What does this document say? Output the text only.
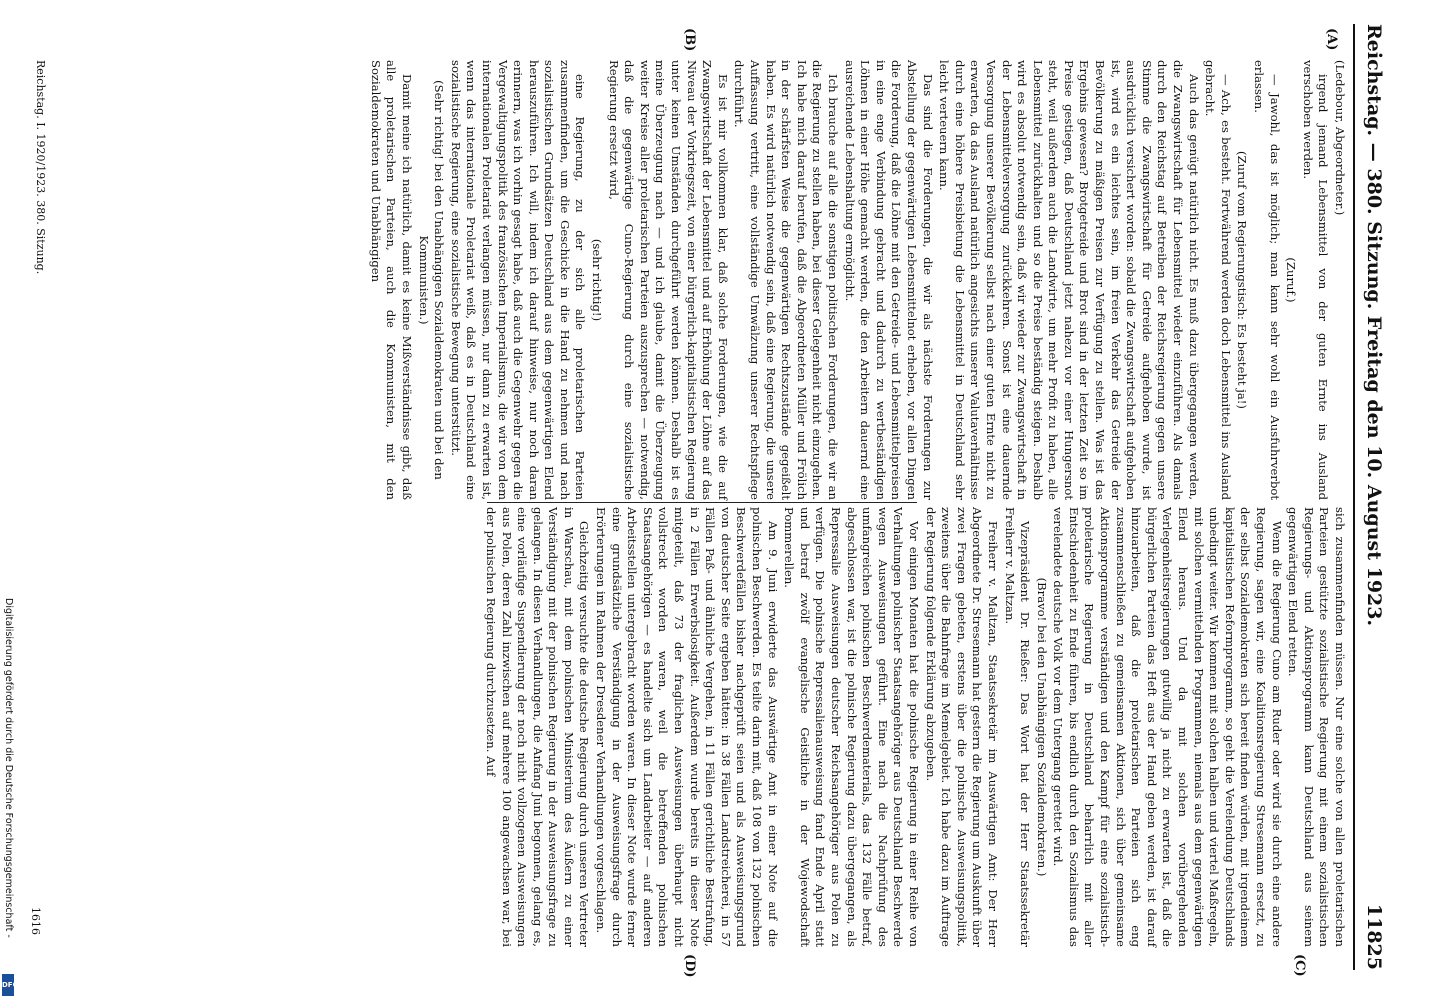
Reichstag. — 380. Sitzung. Freitag den 10. August 1923.
11825
(A)
(B)
(C)
(D)

(Ledebour, Abgeordneter.)

irgend jemand Lebensmittel von der guten Ernte ins Ausland verschoben werden.

(Zuruf.)

— Jawohl, das ist möglich; man kann sehr wohl ein Ausfuhrverbot erlassen.

(Zuruf vom Regierungstisch: Es besteht ja!)

— Ach, es besteht. Fortwährend werden doch Lebensmittel ins Ausland gebracht.

Auch das genügt natürlich nicht. Es muß dazu übergegangen werden, die Zwangswirtschaft für Lebensmittel wieder einzuführen. Als damals durch den Reichstag auf Betreiben der Reichsregierung gegen unsere Stimme die Zwangswirtschaft für Getreide aufgehoben wurde, ist ausdrücklich versichert worden: sobald die Zwangswirtschaft aufgehoben ist, wird es ein leichtes sein, im freien Verkehr das Getreide der Bevölkerung zu mäßigen Preisen zur Verfügung zu stellen. Was ist das Ergebnis gewesen? Brotgetreide und Brot sind in der letzten Zeit so im Preise gestiegen, daß Deutschland jetzt nahezu vor einer Hungersnot steht, weil außerdem auch die Landwirte, um mehr Profit zu haben, alle Lebensmittel zurückhalten und so die Preise beständig steigen. Deshalb wird es absolut notwendig sein, daß wir wieder zur Zwangswirtschaft in der Lebensmittelversorgung zurückkehren. Sonst ist eine dauernde Versorgung unserer Bevölkerung selbst nach einer guten Ernte nicht zu erwarten, da das Ausland natürlich angesichts unserer Valutaverhältnisse durch eine höhere Preisbietung die Lebensmittel in Deutschland sehr leicht verteuern kann.

Das sind die Forderungen, die wir als nächste Forderungen zur Abstellung der gegenwärtigen Lebensmittelnot erheben, vor allen Dingen die Forderung, daß die Löhne mit den Getreide- und Lebensmittelpreisen in eine enge Verbindung gebracht und dadurch zu wertbeständigen Löhnen in einer Höhe gemacht werden, die den Arbeitern dauernd eine ausreichende Lebenshaltung ermöglicht.

Ich brauche auf alle die sonstigen politischen Forderungen, die wir an die Regierung zu stellen haben, bei dieser Gelegenheit nicht einzugehen. Ich habe mich darauf berufen, daß die Abgeordneten Müller und Frölich in der schärfsten Weise die gegenwärtigen Rechtszustände gegeißelt haben. Es wird natürlich notwendig sein, daß eine Regierung, die unsere Auffassung vertritt, eine vollständige Umwälzung unserer Rechtspflege durchführt.

Es ist mir vollkommen klar, daß solche Forderungen, wie die auf Zwangswirtschaft der Lebensmittel und auf Erhöhung der Löhne auf das Niveau der Vorkriegszeit, von einer bürgerlich-kapitalistischen Regierung unter keinen Umständen durchgeführt werden können. Deshalb ist es meine Überzeugung nach — und ich glaube, damit die Überzeugung weiter Kreise aller proletarischen Parteien auszusprechen — notwendig, daß die gegenwärtige Cuno-Regierung durch eine sozialistische Regierung ersetzt wird,

(sehr richtig!)

eine Regierung, zu der sich alle proletarischen Parteien zusammenfinden, um die Geschicke in die Hand zu nehmen und nach sozialistischen Grundsätzen Deutschland aus dem gegenwärtigen Elend herauszuführen. Ich will, indem ich darauf hinweise, nur noch daran erinnern, was ich vorhin gesagt habe, daß auch die Gegenwehr gegen die Vergewaltigungspolitik des französischen Imperialismus, die wir von dem internationalen Proletariat verlangen müssen, nur dann zu erwarten ist, wenn das internationale Proletariat weiß, daß es in Deutschland eine sozialistische Regierung, eine sozialistische Bewegung unterstützt.

(Sehr richtig! bei den Unabhängigen Sozialdemokraten und bei den Kommunisten.)

Damit meine ich natürlich, damit es keine Mißverständnisse gibt, daß alle proletarischen Parteien, auch die Kommunisten, mit den Sozialdemokraten und Unabhängigen

sich zusammenfinden müssen. Nur eine solche von allen proletarischen Parteien gestützte sozialistische Regierung mit einem sozialistischen Regierungs- und Aktionsprogramm kann Deutschland aus seinem gegenwärtigen Elend retten.

Wenn die Regierung Cuno am Ruder oder wird sie durch eine andere Regierung, sagen wir, eine Koalitionsregierung Stresemann ersetzt, zu der selbst Sozialdemokraten sich bereit finden würden, mit irgendeinem kapitalistischen Reformprogramm, so geht die Verelendung Deutschlands unbedingt weiter. Wir kommen mit solchen halben und viertel Maßregeln, mit solchen vermittelnden Programmen, niemals aus dem gegenwärtigen Elend heraus. Und da mit solchen vorübergehenden Verlegenheitsregierungen gutwillig ja nicht zu erwarten ist, daß die bürgerlichen Parteien das Heft aus der Hand geben werden, ist darauf hinzuarbeiten, daß die proletarischen Parteien sich eng zusammenschließen zu gemeinsamen Aktionen, sich über gemeinsame Aktionsprogramme verständigen und den Kampf für eine sozialistisch-proletarische Regierung in Deutschland beharrlich mit aller Entschiedenheit zu Ende führen, bis endlich durch den Sozialismus das verelendete deutsche Volk vor dem Untergang gerettet wird.

(Bravo! bei den Unabhängigen Sozialdemokraten.)

Vizepräsident Dr. Rießer: Das Wort hat der Herr Staatssekretär Freiherr v. Maltzan.

Freiherr v. Maltzan, Staatssekretär im Auswärtigen Amt: Der Herr Abgeordnete Dr. Stresemann hat gestern die Regierung um Auskunft über zwei Fragen gebeten, erstens über die polnische Ausweisungspolitik, zweitens über die Bahnfrage im Memelgebiet. Ich habe dazu im Auftrage der Regierung folgende Erklärung abzugeben.

Vor einigen Monaten hat die polnische Regierung in einer Reihe von Verhaltungen polnischer Staatsangehöriger aus Deutschland Beschwerde wegen Ausweisungen geführt. Eine nach die Nachprüfung des umfangreichen polnischen Beschwerdematerials, das 132 Fälle betraf, abgeschlossen war, ist die polnische Regierung dazu übergegangen, als Repressalie Ausweisungen deutscher Reichsangehöriger aus Polen zu verfügen. Die polnische Repressalienausweisung fand Ende April statt und betraf zwölf evangelische Geistliche in der Wojewodschaft Pommerellen.

Am 9. Juni erwiderte das Auswärtige Amt in einer Note auf die polnischen Beschwerden. Es teilte darin mit, daß 108 von 132 polnischen Beschwerdefällen bisher nachgeprüft seien und als Ausweisungsgrund von deutscher Seite ergeben hätten: in 38 Fällen Landstreicherei, in 57 Fällen Paß- und ähnliche Vergehen, in 11 Fällen gerichtliche Bestrafung, in 2 Fällen Erwerbslosigkeit. Außerdem wurde bereits in dieser Note mitgeteilt, daß 73 der fraglichen Ausweisungen überhaupt nicht vollstreckt worden waren, weil die betreffenden polnischen Staatsangehörigen — es handelte sich um Landarbeiter — auf anderen Arbeitsstellen untergebracht worden waren. In dieser Note wurde ferner eine grundsätzliche Verständigung in der Ausweisungsfrage durch Erörterungen im Rahmen der Dresdener Verhandlungen vorgeschlagen.

Gleichzeitig versuchte die deutsche Regierung durch unseren Vertreter in Warschau, mit dem polnischen Ministerium des Äußern zu einer Verständigung mit der polnischen Regierung in der Ausweisungsfrage zu gelangen. In diesen Verhandlungen, die Anfang Juni begonnen, gelang es, eine vorläufige Suspendierung der noch nicht vollzogenen Ausweisungen aus Polen, deren Zahl inzwischen auf mehrere 100 angewachsen war, bei der polnischen Regierung durchzusetzen. Auf

Reichstag. I. 1920/1923. 380. Sitzung.
1616
Digitalisierung gefördert durch die Deutsche Forschungsgemeinschaft -
DFG
